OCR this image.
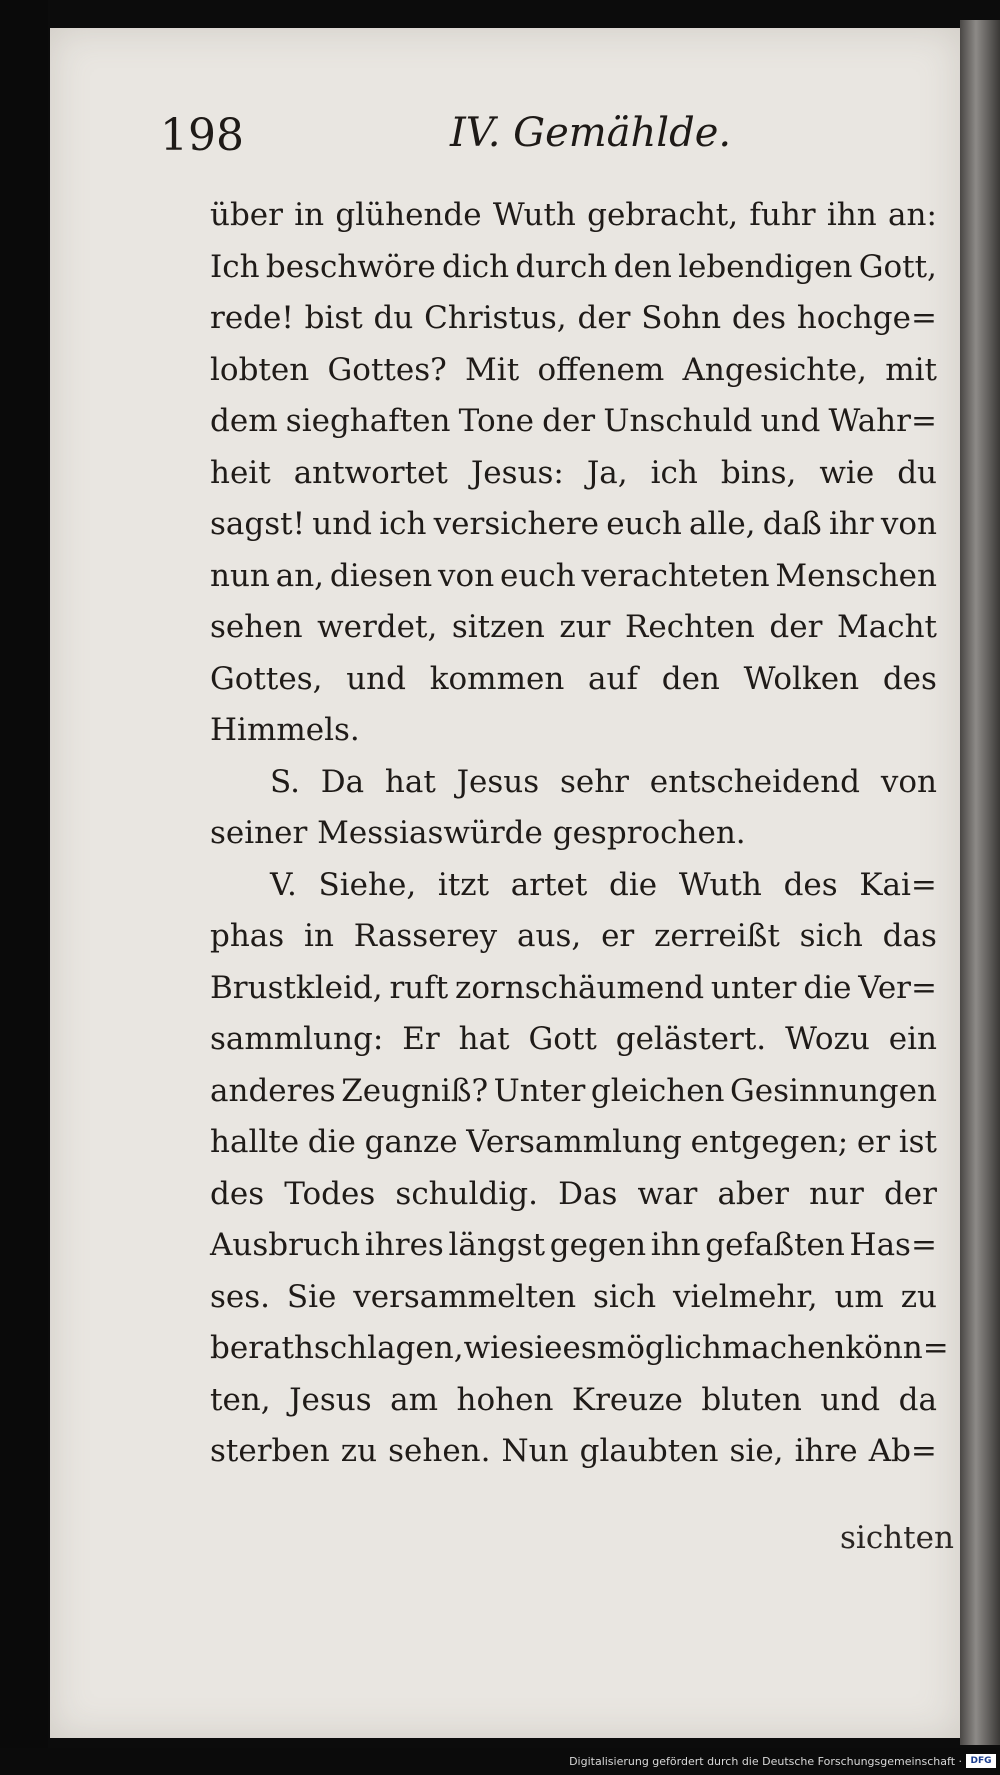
198	IV. Gemählde.
über in glühende Wuth gebracht, fuhr ihn an:
Ich beschwöre dich durch den lebendigen Gott,
rede! bist du Christus, der Sohn des hochge=
lobten Gottes? Mit offenem Angesichte, mit
dem sieghaften Tone der Unschuld und Wahr=
heit antwortet Jesus: Ja, ich bins, wie du
sagst! und ich versichere euch alle, daß ihr von
nun an, diesen von euch verachteten Menschen
sehen werdet, sitzen zur Rechten der Macht
Gottes, und kommen auf den Wolken des
Himmels.
S. Da hat Jesus sehr entscheidend von
seiner Messiaswürde gesprochen.
V. Siehe, itzt artet die Wuth des Kai=
phas in Rasserey aus, er zerreißt sich das
Brustkleid, ruft zornschäumend unter die Ver=
sammlung: Er hat Gott gelästert. Wozu ein
anderes Zeugniß? Unter gleichen Gesinnungen
hallte die ganze Versammlung entgegen; er ist
des Todes schuldig. Das war aber nur der
Ausbruch ihres längst gegen ihn gefaßten Has=
ses. Sie versammelten sich vielmehr, um zu
berathschlagen, wie sie es möglich machen könn=
ten, Jesus am hohen Kreuze bluten und da
sterben zu sehen. Nun glaubten sie, ihre Ab=
sichten
Digitalisierung gefördert durch die Deutsche Forschungsgemeinschaft · DFG
